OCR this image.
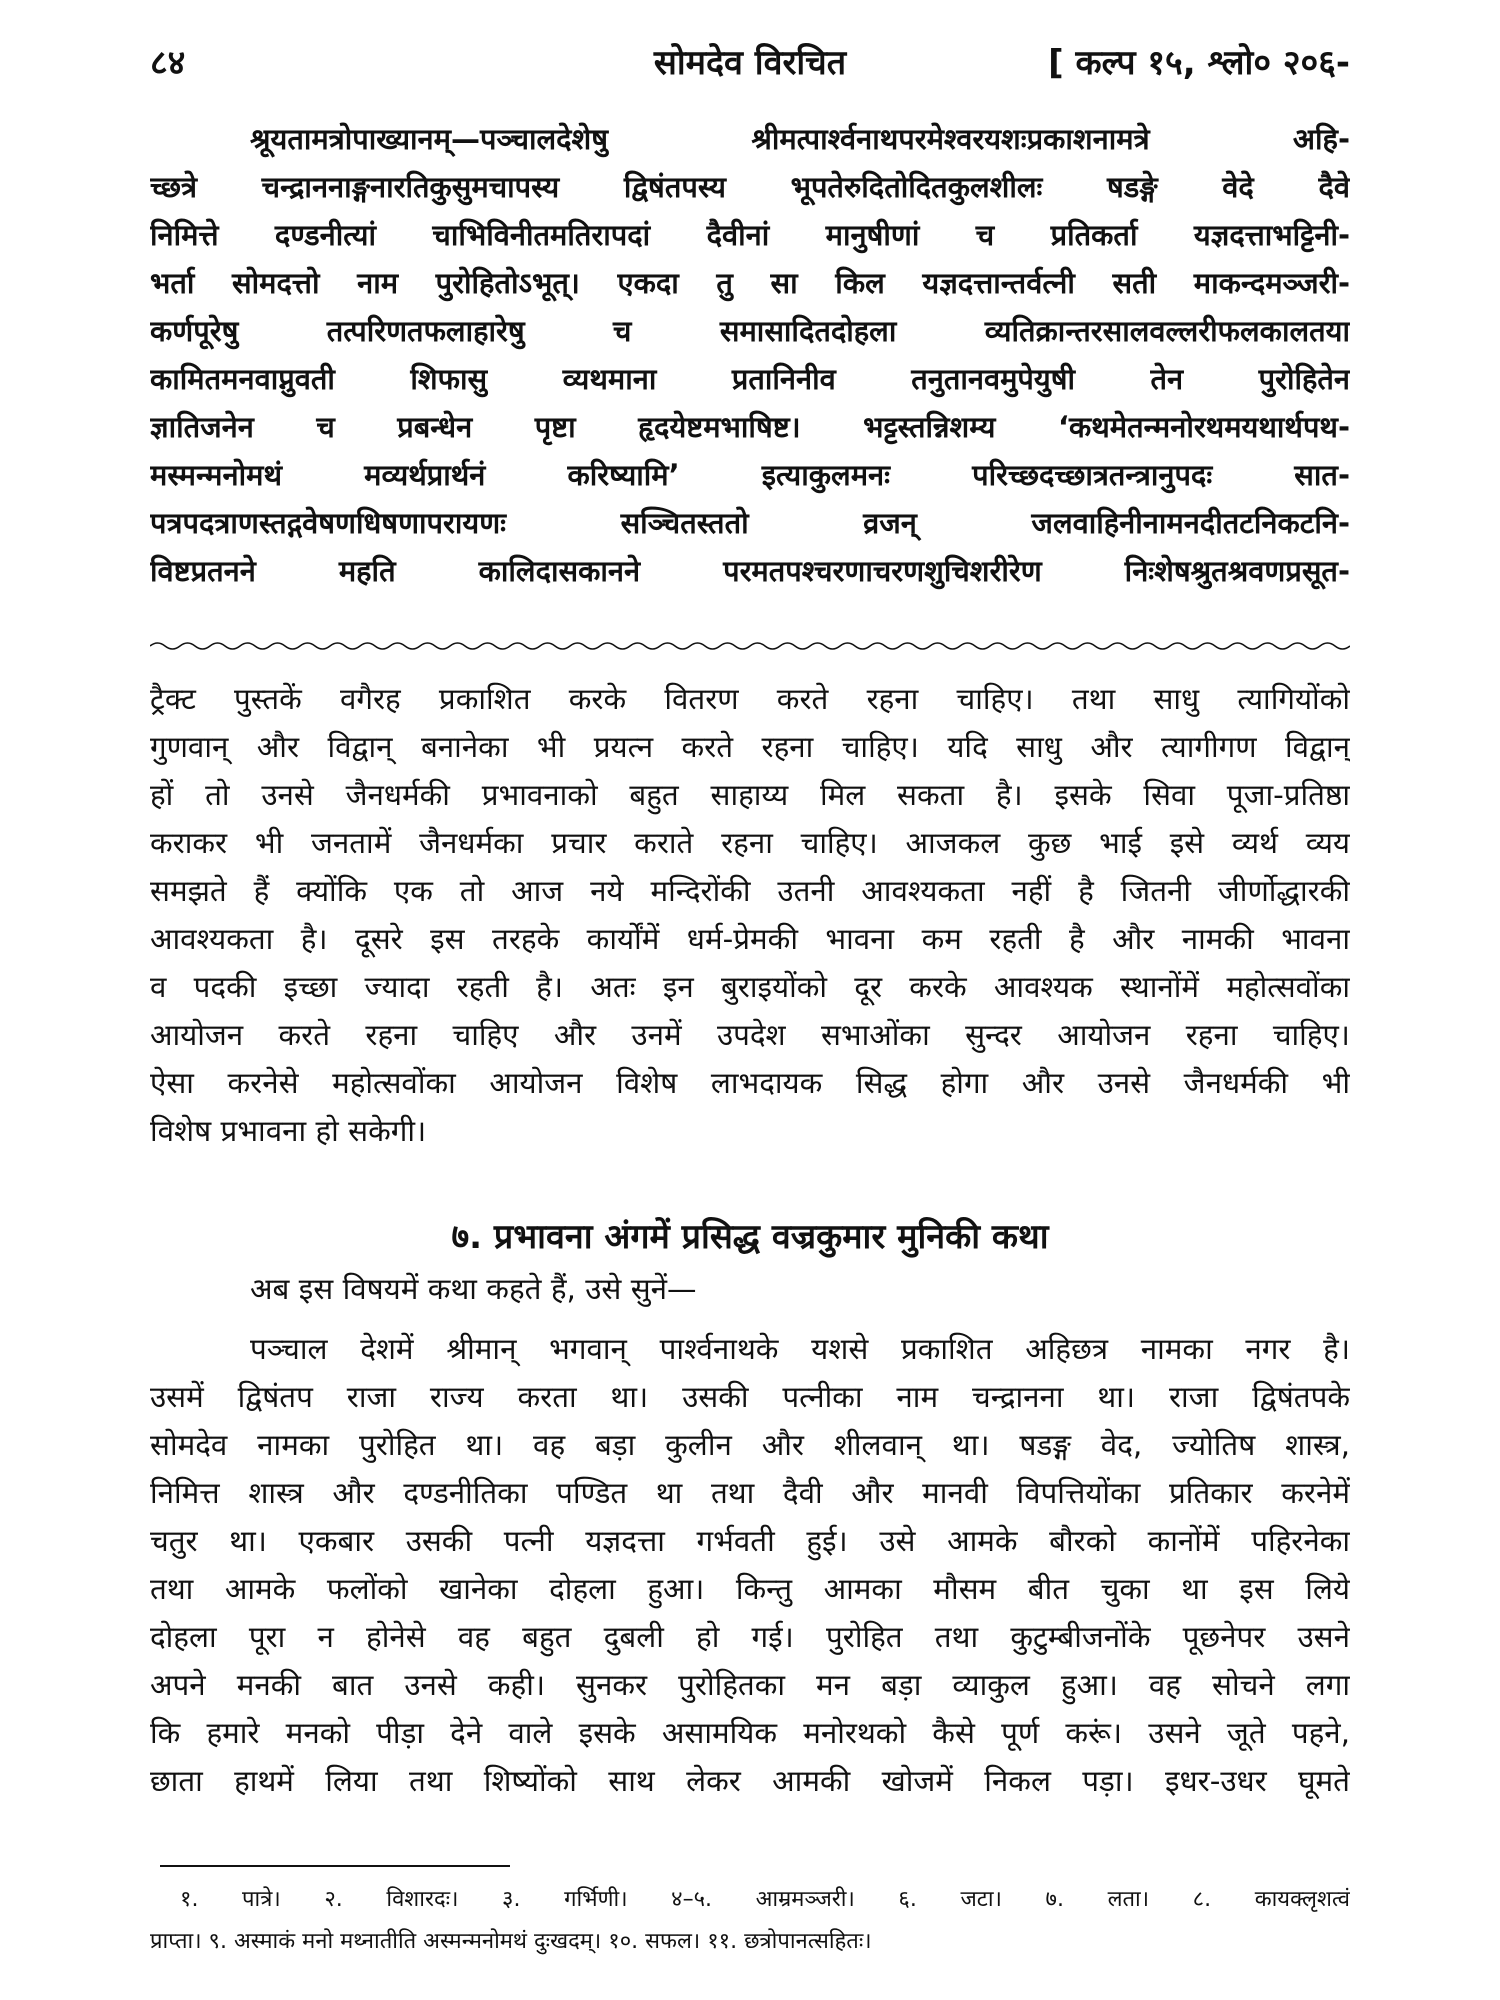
८४	सोमदेव विरचित	[ कल्प १५, श्लो० २०६-
श्रूयतामत्रोपाख्यानम्—पञ्चालदेशेषु श्रीमत्पार्श्वनाथपरमेश्वरयशःप्रकाशनामत्रे अहि-
च्छत्रे चन्द्राननाङ्गनारतिकुसुमचापस्य द्विषंतपस्य भूपतेरुदितोदितकुलशीलः षडङ्गे वेदे दैवे
निमित्ते दण्डनीत्यां चाभिविनीतमतिरापदां दैवीनां मानुषीणां च प्रतिकर्ता यज्ञदत्ताभट्टिनी-
भर्ता सोमदत्तो नाम पुरोहितोऽभूत्। एकदा तु सा किल यज्ञदत्तान्तर्वत्नी सती माकन्दमञ्जरी-
कर्णपूरेषु तत्परिणतफलाहारेषु च समासादितदोहला व्यतिक्रान्तरसालवल्लरीफलकालतया
कामितमनवाप्नुवती शिफासु व्यथमाना प्रतानिनीव तनुतानवमुपेयुषी तेन पुरोहितेन
ज्ञातिजनेन च प्रबन्धेन पृष्टा हृदयेष्टमभाषिष्ट। भट्टस्तन्निशम्य ‘कथमेतन्मनोरथमयथार्थपथ-
मस्मन्मनोमथं मव्यर्थप्रार्थनं करिष्यामि’ इत्याकुलमनः परिच्छदच्छात्रतन्त्रानुपदः सात-
पत्रपदत्राणस्तद्गवेषणधिषणापरायणः सञ्चितस्ततो व्रजन् जलवाहिनीनामनदीतटनिकटनि-
विष्टप्रतनने महति कालिदासकानने परमतपश्चरणाचरणशुचिशरीरेण निःशेषश्रुतश्रवणप्रसूत-
ट्रैक्ट पुस्तकें वगैरह प्रकाशित करके वितरण करते रहना चाहिए। तथा साधु त्यागियोंको
गुणवान् और विद्वान् बनानेका भी प्रयत्न करते रहना चाहिए। यदि साधु और त्यागीगण विद्वान्
हों तो उनसे जैनधर्मकी प्रभावनाको बहुत साहाय्य मिल सकता है। इसके सिवा पूजा-प्रतिष्ठा
कराकर भी जनतामें जैनधर्मका प्रचार कराते रहना चाहिए। आजकल कुछ भाई इसे व्यर्थ व्यय
समझते हैं क्योंकि एक तो आज नये मन्दिरोंकी उतनी आवश्यकता नहीं है जितनी जीर्णोद्धारकी
आवश्यकता है। दूसरे इस तरहके कार्योंमें धर्म-प्रेमकी भावना कम रहती है और नामकी भावना
व पदकी इच्छा ज्यादा रहती है। अतः इन बुराइयोंको दूर करके आवश्यक स्थानोंमें महोत्सवोंका
आयोजन करते रहना चाहिए और उनमें उपदेश सभाओंका सुन्दर आयोजन रहना चाहिए।
ऐसा करनेसे महोत्सवोंका आयोजन विशेष लाभदायक सिद्ध होगा और उनसे जैनधर्मकी भी
विशेष प्रभावना हो सकेगी।
७. प्रभावना अंगमें प्रसिद्ध वज्रकुमार मुनिकी कथा
अब इस विषयमें कथा कहते हैं, उसे सुनें—
पञ्चाल देशमें श्रीमान् भगवान् पार्श्वनाथके यशसे प्रकाशित अहिछत्र नामका नगर है।
उसमें द्विषंतप राजा राज्य करता था। उसकी पत्नीका नाम चन्द्रानना था। राजा द्विषंतपके
सोमदेव नामका पुरोहित था। वह बड़ा कुलीन और शीलवान् था। षडङ्ग वेद, ज्योतिष शास्त्र,
निमित्त शास्त्र और दण्डनीतिका पण्डित था तथा दैवी और मानवी विपत्तियोंका प्रतिकार करनेमें
चतुर था। एकबार उसकी पत्नी यज्ञदत्ता गर्भवती हुई। उसे आमके बौरको कानोंमें पहिरनेका
तथा आमके फलोंको खानेका दोहला हुआ। किन्तु आमका मौसम बीत चुका था इस लिये
दोहला पूरा न होनेसे वह बहुत दुबली हो गई। पुरोहित तथा कुटुम्बीजनोंके पूछनेपर उसने
अपने मनकी बात उनसे कही। सुनकर पुरोहितका मन बड़ा व्याकुल हुआ। वह सोचने लगा
कि हमारे मनको पीड़ा देने वाले इसके असामयिक मनोरथको कैसे पूर्ण करूं। उसने जूते पहने,
छाता हाथमें लिया तथा शिष्योंको साथ लेकर आमकी खोजमें निकल पड़ा। इधर-उधर घूमते
१. पात्रे। २. विशारदः। ३. गर्भिणी। ४–५. आम्रमञ्जरी। ६. जटा। ७. लता। ८. कायक्लृशत्वं
प्राप्ता। ९. अस्माकं मनो मथ्नातीति अस्मन्मनोमथं दुःखदम्। १०. सफल। ११. छत्रोपानत्सहितः।
